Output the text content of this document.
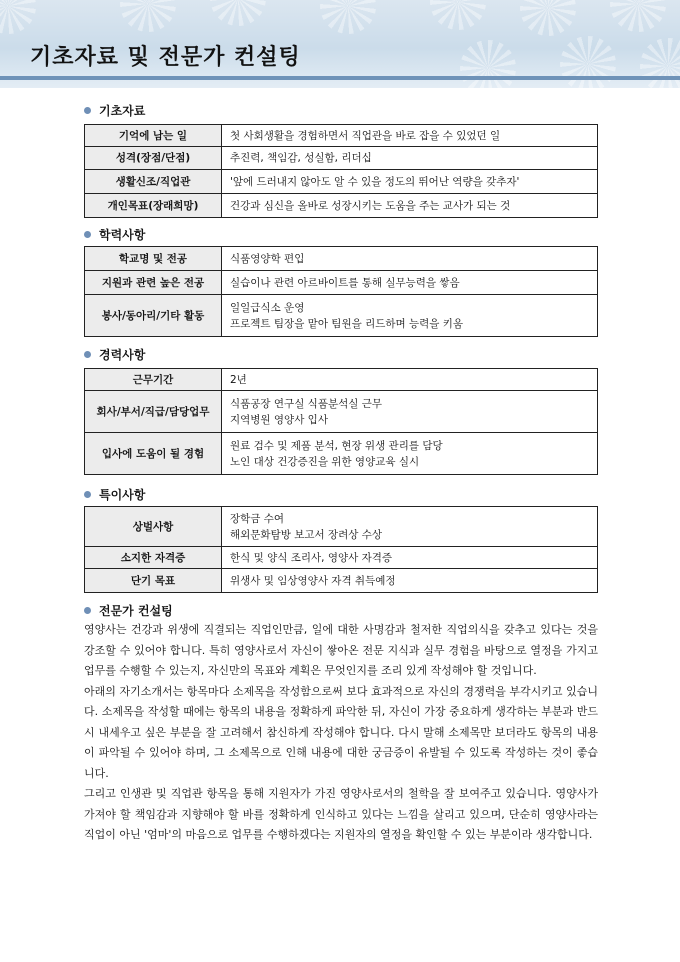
기초자료 및 전문가 컨설팅
기초자료
기억에 남는 일	첫 사회생활을 경험하면서 직업관을 바로 잡을 수 있었던 일
성격(장점/단점)	추진력, 책임감, 성실함, 리더십
생활신조/직업관	'앞에 드러내지 않아도 알 수 있을 정도의 뛰어난 역량을 갖추자'
개인목표(장래희망)	건강과 심신을 올바로 성장시키는 도움을 주는 교사가 되는 것
학력사항
학교명 및 전공	식품영양학 편입
지원과 관련 높은 전공	실습이나 관련 아르바이트를 통해 실무능력을 쌓음
봉사/동아리/기타 활동	일일급식소 운영
프로젝트 팀장을 맡아 팀원을 리드하며 능력을 키움
경력사항
근무기간	2년
회사/부서/직급/담당업무	식품공장 연구실 식품분석실 근무
지역병원 영양사 입사

입사에 도움이 될 경험	원료 검수 및 제품 분석, 현장 위생 관리를 담당
노인 대상 건강증진을 위한 영양교육 실시
특이사항
상벌사항	장학금 수여
해외문화탐방 보고서 장려상 수상

소지한 자격증	한식 및 양식 조리사, 영양사 자격증
단기 목표	위생사 및 임상영양사 자격 취득예정
전문가 컨설팅

영양사는 건강과 위생에 직결되는 직업인만큼, 일에 대한 사명감과 철저한 직업의식을 갖추고 있다는 것을 강조할 수 있어야 합니다. 특히 영양사로서 자신이 쌓아온 전문 지식과 실무 경험을 바탕으로 열정을 가지고 업무를 수행할 수 있는지, 자신만의 목표와 계획은 무엇인지를 조리 있게 작성해야 할 것입니다.

아래의 자기소개서는 항목마다 소제목을 작성함으로써 보다 효과적으로 자신의 경쟁력을 부각시키고 있습니다. 소제목을 작성할 때에는 항목의 내용을 정확하게 파악한 뒤, 자신이 가장 중요하게 생각하는 부분과 반드시 내세우고 싶은 부분을 잘 고려해서 참신하게 작성해야 합니다. 다시 말해 소제목만 보더라도 항목의 내용이 파악될 수 있어야 하며, 그 소제목으로 인해 내용에 대한 궁금증이 유발될 수 있도록 작성하는 것이 좋습니다.

그리고 인생관 및 직업관 항목을 통해 지원자가 가진 영양사로서의 철학을 잘 보여주고 있습니다. 영양사가 가져야 할 책임감과 지향해야 할 바를 정확하게 인식하고 있다는 느낌을 살리고 있으며, 단순히 영양사라는 직업이 아닌 '엄마'의 마음으로 업무를 수행하겠다는 지원자의 열정을 확인할 수 있는 부분이라 생각합니다.
